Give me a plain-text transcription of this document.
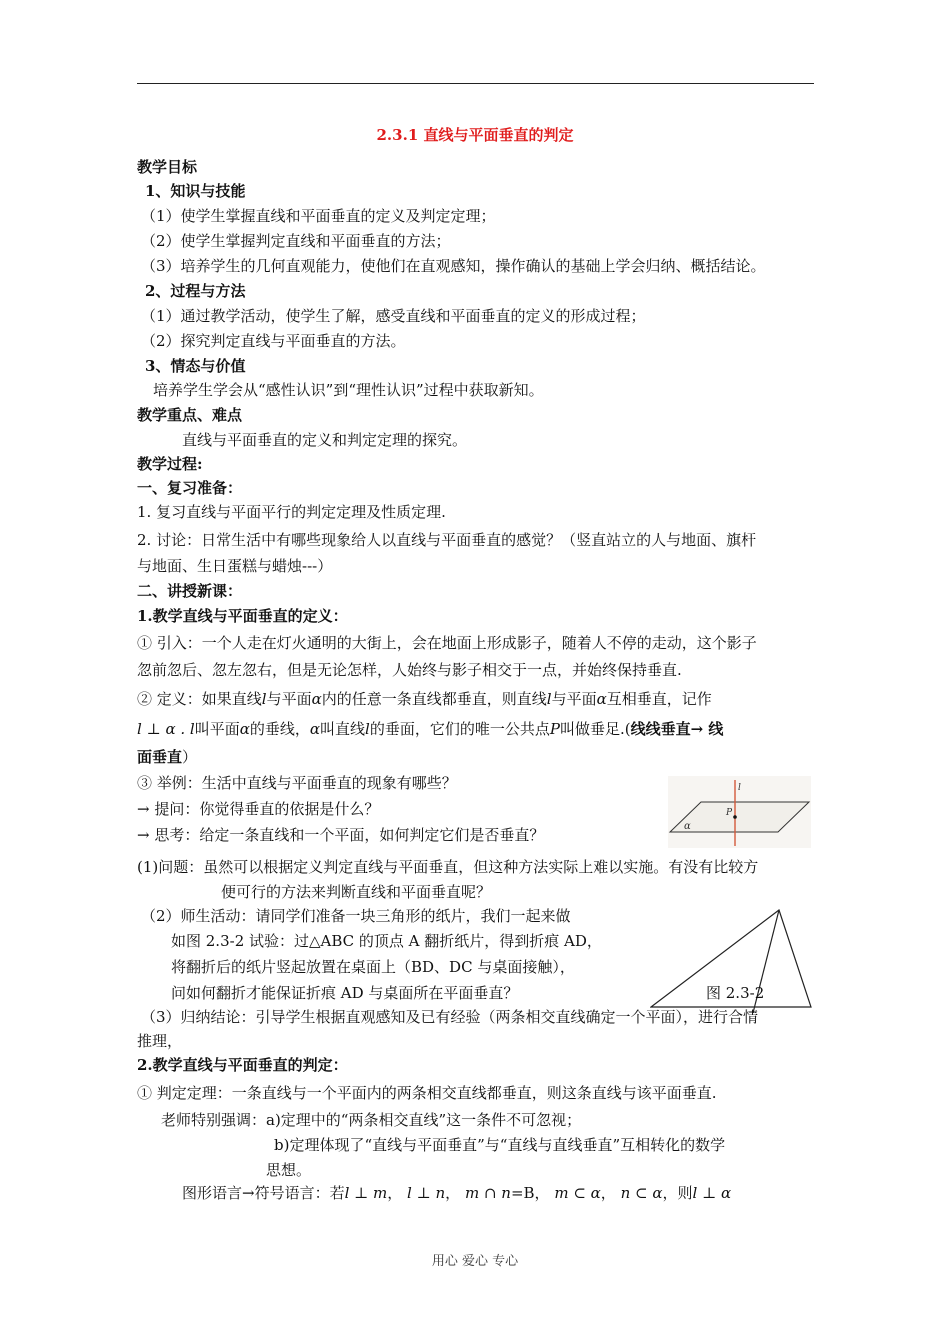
2.3.1 直线与平面垂直的判定
教学目标
1、知识与技能
（1）使学生掌握直线和平面垂直的定义及判定定理；
（2）使学生掌握判定直线和平面垂直的方法；
（3）培养学生的几何直观能力，使他们在直观感知，操作确认的基础上学会归纳、概括结论。
2、过程与方法
（1）通过教学活动，使学生了解，感受直线和平面垂直的定义的形成过程；
（2）探究判定直线与平面垂直的方法。
3、情态与价值
培养学生学会从“感性认识”到“理性认识”过程中获取新知。
教学重点、难点
直线与平面垂直的定义和判定定理的探究。
教学过程:
一、复习准备：
1. 复习直线与平面平行的判定定理及性质定理.
2. 讨论：日常生活中有哪些现象给人以直线与平面垂直的感觉？（竖直站立的人与地面、旗杆
与地面、生日蛋糕与蜡烛---）
二、讲授新课：
1.教学直线与平面垂直的定义：
① 引入：一个人走在灯火通明的大街上，会在地面上形成影子，随着人不停的走动，这个影子
忽前忽后、忽左忽右，但是无论怎样，人始终与影子相交于一点，并始终保持垂直.
② 定义：如果直线l与平面α内的任意一条直线都垂直，则直线l与平面α互相垂直，记作
l ⊥ α . l叫平面α的垂线，α叫直线l的垂面，它们的唯一公共点P叫做垂足.(线线垂直→ 线
面垂直）
③ 举例：生活中直线与平面垂直的现象有哪些？
→ 提问：你觉得垂直的依据是什么？
→ 思考：给定一条直线和一个平面，如何判定它们是否垂直？
l
P
α
(1)问题：虽然可以根据定义判定直线与平面垂直，但这种方法实际上难以实施。有没有比较方
便可行的方法来判断直线和平面垂直呢？
（2）师生活动：请同学们准备一块三角形的纸片，我们一起来做
如图 2.3-2 试验：过△ABC 的顶点 A 翻折纸片，得到折痕 AD，
将翻折后的纸片竖起放置在桌面上（BD、DC 与桌面接触），
问如何翻折才能保证折痕 AD 与桌面所在平面垂直？	图 2.3-2
（3）归纳结论：引导学生根据直观感知及已有经验（两条相交直线确定一个平面），进行合情
推理，
2.教学直线与平面垂直的判定：
① 判定定理：一条直线与一个平面内的两条相交直线都垂直，则这条直线与该平面垂直.
老师特别强调：a)定理中的“两条相交直线”这一条件不可忽视；
b)定理体现了“直线与平面垂直”与“直线与直线垂直”互相转化的数学
思想。
图形语言→符号语言：若l ⊥ m， l ⊥ n， m ∩ n=B， m ⊂ α， n ⊂ α，则l ⊥ α
用心 爱心 专心
